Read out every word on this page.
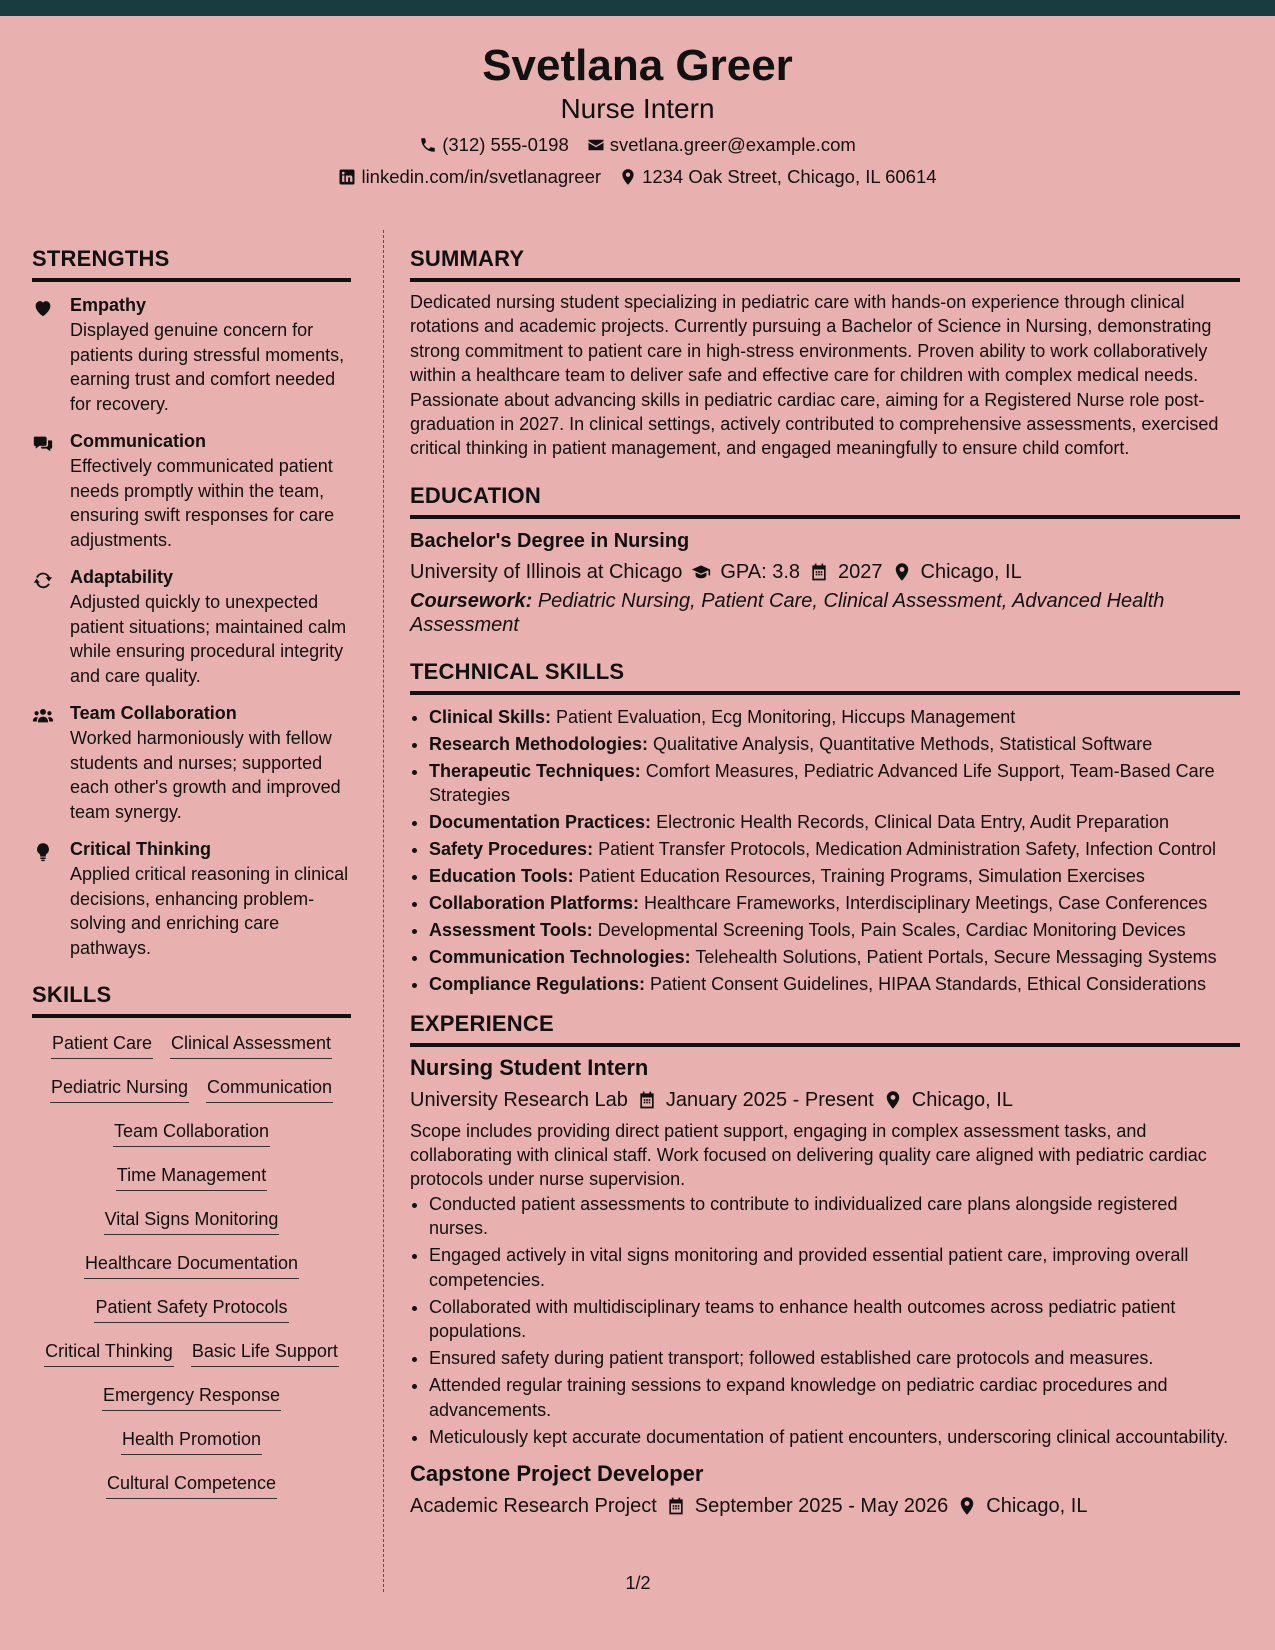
Svetlana Greer
Nurse Intern
(312) 555-0198 svetlana.greer@example.com
linkedin.com/in/svetlanagreer 1234 Oak Street, Chicago, IL 60614
STRENGTHS
Empathy
Displayed genuine concern for patients during stressful moments, earning trust and comfort needed for recovery.
Communication
Effectively communicated patient needs promptly within the team, ensuring swift responses for care adjustments.
Adaptability
Adjusted quickly to unexpected patient situations; maintained calm while ensuring procedural integrity and care quality.
Team Collaboration
Worked harmoniously with fellow students and nurses; supported each other's growth and improved team synergy.
Critical Thinking
Applied critical reasoning in clinical decisions, enhancing problem-solving and enriching care pathways.
SKILLS
Patient Care Clinical Assessment
Pediatric Nursing Communication
Team Collaboration
Time Management
Vital Signs Monitoring
Healthcare Documentation
Patient Safety Protocols
Critical Thinking Basic Life Support
Emergency Response
Health Promotion
Cultural Competence
SUMMARY
Dedicated nursing student specializing in pediatric care with hands-on experience through clinical rotations and academic projects. Currently pursuing a Bachelor of Science in Nursing, demonstrating strong commitment to patient care in high-stress environments. Proven ability to work collaboratively within a healthcare team to deliver safe and effective care for children with complex medical needs. Passionate about advancing skills in pediatric cardiac care, aiming for a Registered Nurse role post-graduation in 2027. In clinical settings, actively contributed to comprehensive assessments, exercised critical thinking in patient management, and engaged meaningfully to ensure child comfort.
EDUCATION
Bachelor's Degree in Nursing
University of Illinois at Chicago GPA: 3.8 2027 Chicago, IL
Coursework: Pediatric Nursing, Patient Care, Clinical Assessment, Advanced Health Assessment
TECHNICAL SKILLS
• Clinical Skills: Patient Evaluation, Ecg Monitoring, Hiccups Management
• Research Methodologies: Qualitative Analysis, Quantitative Methods, Statistical Software
• Therapeutic Techniques: Comfort Measures, Pediatric Advanced Life Support, Team-Based Care Strategies
• Documentation Practices: Electronic Health Records, Clinical Data Entry, Audit Preparation
• Safety Procedures: Patient Transfer Protocols, Medication Administration Safety, Infection Control
• Education Tools: Patient Education Resources, Training Programs, Simulation Exercises
• Collaboration Platforms: Healthcare Frameworks, Interdisciplinary Meetings, Case Conferences
• Assessment Tools: Developmental Screening Tools, Pain Scales, Cardiac Monitoring Devices
• Communication Technologies: Telehealth Solutions, Patient Portals, Secure Messaging Systems
• Compliance Regulations: Patient Consent Guidelines, HIPAA Standards, Ethical Considerations
EXPERIENCE
Nursing Student Intern
University Research Lab January 2025 - Present Chicago, IL
Scope includes providing direct patient support, engaging in complex assessment tasks, and collaborating with clinical staff. Work focused on delivering quality care aligned with pediatric cardiac protocols under nurse supervision.
• Conducted patient assessments to contribute to individualized care plans alongside registered nurses.
• Engaged actively in vital signs monitoring and provided essential patient care, improving overall competencies.
• Collaborated with multidisciplinary teams to enhance health outcomes across pediatric patient populations.
• Ensured safety during patient transport; followed established care protocols and measures.
• Attended regular training sessions to expand knowledge on pediatric cardiac procedures and advancements.
• Meticulously kept accurate documentation of patient encounters, underscoring clinical accountability.
Capstone Project Developer
Academic Research Project September 2025 - May 2026 Chicago, IL
1/2
